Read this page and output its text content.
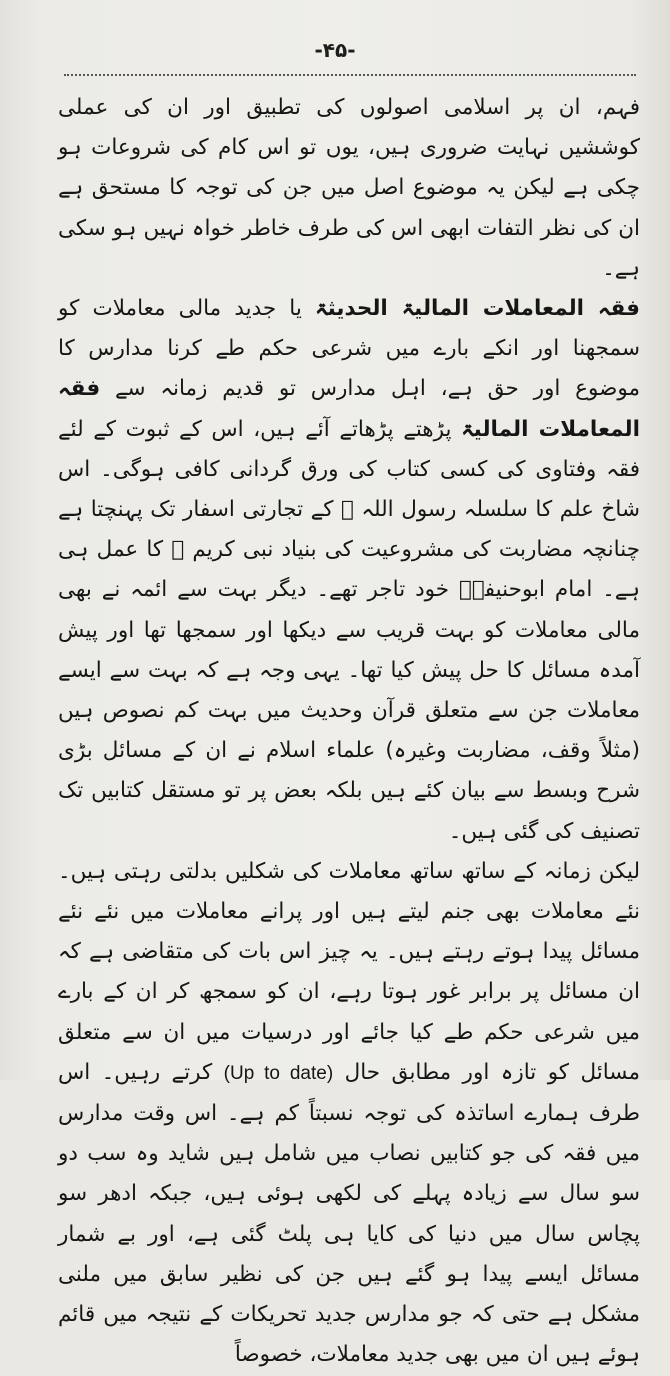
-۴۵-

فہم، ان پر اسلامی اصولوں کی تطبیق اور ان کی عملی کوششیں نہایت ضروری ہیں، یوں تو اس کام کی شروعات ہو چکی ہے لیکن یہ موضوع اصل میں جن کی توجہ کا مستحق ہے ان کی نظر التفات ابھی اس کی طرف خاطر خواہ نہیں ہو سکی ہے۔

فقہ المعاملات المالیۃ الحدیثۃ یا جدید مالی معاملات کو سمجھنا اور انکے بارے میں شرعی حکم طے کرنا مدارس کا موضوع اور حق ہے، اہل مدارس تو قدیم زمانہ سے فقہ المعاملات المالیۃ پڑھتے پڑھاتے آئے ہیں، اس کے ثبوت کے لئے فقہ وفتاوی کی کسی کتاب کی ورق گردانی کافی ہوگی۔ اس شاخ علم کا سلسلہ رسول اللہ ﷺ کے تجارتی اسفار تک پہنچتا ہے چنانچہ مضاربت کی مشروعیت کی بنیاد نبی کریم ﷺ کا عمل ہی ہے۔ امام ابوحنیفہؒ خود تاجر تھے۔ دیگر بہت سے ائمہ نے بھی مالی معاملات کو بہت قریب سے دیکھا اور سمجھا تھا اور پیش آمدہ مسائل کا حل پیش کیا تھا۔ یہی وجہ ہے کہ بہت سے ایسے معاملات جن سے متعلق قرآن وحدیث میں بہت کم نصوص ہیں (مثلاً وقف، مضاربت وغیرہ) علماء اسلام نے ان کے مسائل بڑی شرح وبسط سے بیان کئے ہیں بلکہ بعض پر تو مستقل کتابیں تک تصنیف کی گئی ہیں۔

لیکن زمانہ کے ساتھ ساتھ معاملات کی شکلیں بدلتی رہتی ہیں۔ نئے معاملات بھی جنم لیتے ہیں اور پرانے معاملات میں نئے نئے مسائل پیدا ہوتے رہتے ہیں۔ یہ چیز اس بات کی متقاضی ہے کہ ان مسائل پر برابر غور ہوتا رہے، ان کو سمجھ کر ان کے بارے میں شرعی حکم طے کیا جائے اور درسیات میں ان سے متعلق مسائل کو تازہ اور مطابق حال (Up to date) کرتے رہیں۔ اس طرف ہمارے اساتذہ کی توجہ نسبتاً کم ہے۔ اس وقت مدارس میں فقہ کی جو کتابیں نصاب میں شامل ہیں شاید وہ سب دو سو سال سے زیادہ پہلے کی لکھی ہوئی ہیں، جبکہ ادھر سو پچاس سال میں دنیا کی کایا ہی پلٹ گئی ہے، اور بے شمار مسائل ایسے پیدا ہو گئے ہیں جن کی نظیر سابق میں ملنی مشکل ہے حتی کہ جو مدارس جدید تحریکات کے نتیجہ میں قائم ہوئے ہیں ان میں بھی جدید معاملات، خصوصاً
